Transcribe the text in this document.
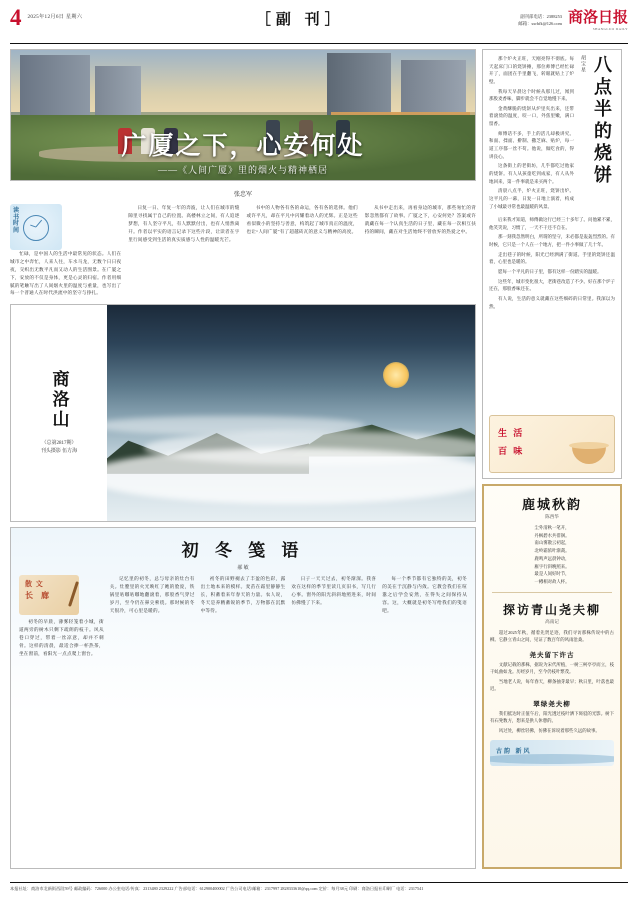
4 2025年12月6日 星期六	［副 刊］	副刊部电话：2388253
邮箱：sxrbfk@126.com 商洛日报
SHANGLUO DAILY
广厦之下，心安何处
——《人间广厦》里的烟火与精神栖居
张忠军
读
书
时
间

忙碌，是中国人的生活中最常见的状态。人们在城市之中奔忙，人来人往，车水马龙，无数个日日夜夜，交织出无数平凡而又动人的生活图景。在广厦之下，安放的不仅是身体，更是心灵的归宿。作者用细腻的笔触写出了人间烟火里的温度与重量，也写出了每一个普通人在时代洪流中的坚守与挣扎。

日复一日、年复一年的奔波，让人们在城市的缝隙里寻找属于自己的位置。高楼林立之间，有人追逐梦想，有人坚守平凡，有人默默付出，也有人悄然离开。作者以平实的语言记录下这些片段，让读者在字里行间感受到生活的真实质感与人性的温暖光芒。

书中的人物各有各的命运，各有各的选择。他们或许平凡，却在平凡中闪耀着动人的光辉。正是这些看似微小的坚持与善意，构筑起了城市真正的温度，也让“人间广厦”有了超越砖瓦的意义与精神的高度。

从书中走出来，再看身边的城市，那些匆忙的背影忽然都有了故事。广厦之下，心安何处？答案或许就藏在每一个认真生活的日子里，藏在每一次相互扶持的瞬间，藏在对生活始终不曾放弃的热爱之中。

商洛山
（总第2817期）
刊头摄影 伍方海
初 冬 笺 语
郝 敏
散 文
长 廊

初冬的早晨，薄雾轻笼着小城，街道两旁的树木只剩下疏朗的枝干。风从巷口穿过，带着一丝凉意，却并不刺骨。这样的清晨，最适合捧一杯热茶，坐在窗前，看阳光一点点爬上窗台。

记忆里的初冬，总与母亲的灶台有关。灶膛里的火光映红了她的脸庞，铁锅里咕嘟咕嘟地翻滚着，那股香气穿过岁月，至今仍在鼻尖萦绕。那时候的冬天很冷，可心里是暖的。

初冬的田野褪去了丰盈的色彩，露出土地本来的模样。麦苗在霜里静静生长，积蓄着来年春天的力量。农人说，冬天是养精蓄锐的季节，万物都在沉默中等待。

日子一天天过去，初冬渐深。我喜欢在这样的季节里读几页旧书，写几行心事。窗外的阳光斜斜地照进来，时间仿佛慢了下来。

每一个季节都有它独特的美，初冬的美在于沉静与内敛。它教会我们在喧嚣之后学会安然，在得失之间保持从容。这，大概就是初冬写给我们的笺语吧。

那个炉火正旺，天刚亮得不彻底。每天起床门口的烧饼摊，那位师傅已经忙碌开了，面团在手里翻飞，转眼就贴上了炉壁。

我每天早晨这个时候从那儿过，闻到那股麦香味，脚步就会不自觉地慢下来。

金黄酥脆的烧饼从炉里夹出来，还带着滚烫的温度，咬一口，外焦里嫩，满口留香。

师傅话不多，手上的活儿却极讲究。和面、揉面、擀制、撒芝麻、贴炉，每一道工序都一丝不苟。他说，做吃食的，得讲良心。

这条街上的老街坊，几乎都吃过他家的烧饼。有人从孩童吃到成家，有人从外地回来，第一件事就是来买两个。

清晨八点半，炉火正旺，烧饼出炉。这平凡的一幕，日复一日地上演着，构成了小城最寻常也最温暖的风景。

胡宝星 八点半的烧饼

后来我才知道，师傅做这行已经三十多年了。问他累不累，他笑笑说，习惯了，一天不干还不自在。

那一刻我忽然明白，所谓的坚守，未必都是轰轰烈烈的。有时候，它只是一个人在一个地方，把一件小事做了几十年。

走出巷子的时候，阳光已经洒满了街道。手里的烧饼还温着，心里也是暖的。

愿每一个平凡的日子里，都有这样一份踏实的温暖。

这些年，城市变化很大，老街巷改造了不少。好在那个炉子还在，那股香味还在。

有人说，生活的意义就藏在这些细碎的日常里。我深以为然。

生 活
百 味
鹿城秋韵
陈西华
尘外清秋一笔开，
丹枫碧水共徘徊。
南山雾散云初起，
北岭霜浓叶渐裁。
鹿鸣声远晨钟动，
雁字行斜晚照来。
最是人间好时节，
一樽相对故人杯。
探访青山尧夫柳
高南记

超过2025年秋，循着先贤足迹，我们寻访那株传说中的古柳。它静立青山之间，见证了数百年的风雨沧桑。

尧夫留下许古

文献记载的那株，据说为宋代所植，一树三柯亭亭而立，枝干虬曲如龙。历经岁月，至今仍枝叶繁茂。

当地老人说，每年春天，柳条抽芽最早；秋日里，叶落也最迟。

翠绿尧夫柳

我们抵达时正值午后，阳光透过枝叶洒下斑驳的光影。树下有石凳数方，想来是供人休憩的。

风过处，柳丝轻拂，仿佛在诉说着那些久远的故事。

古韵 新风
本报社址：商洛市北新街西段59号 邮政编码：726000 办公室电话/传真：2313480 2329222 广告部电话：612900400002 广告公司电话/邮箱：2317997 2828333610@qq.com 定价：每月38元 印刷：商洛日报社印刷厂 电话：2317541
